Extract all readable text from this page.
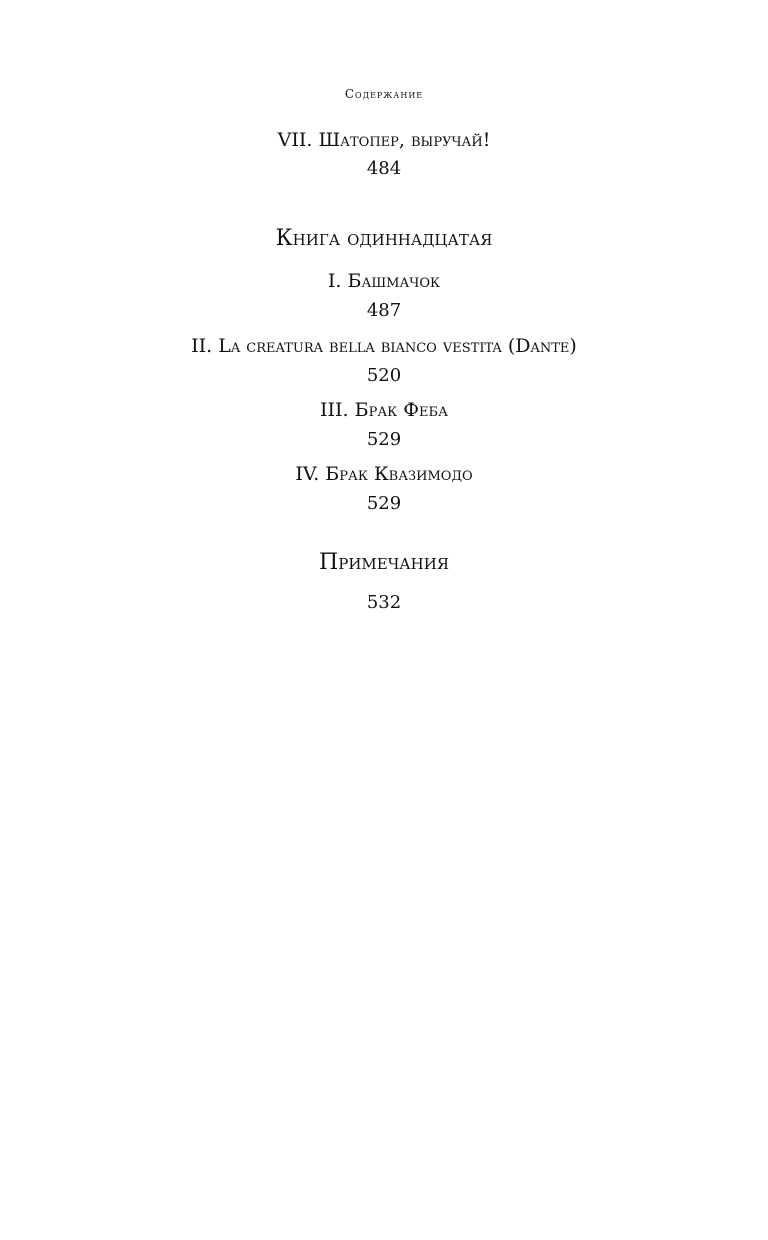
Содержание
VII. Шатопер, выручай!
484
Книга одиннадцатая
I. Башмачок
487
II. La creatura bella bianco vestita (Dante)
520
III. Брак Феба
529
IV. Брак Квазимодо
529
Примечания
532
